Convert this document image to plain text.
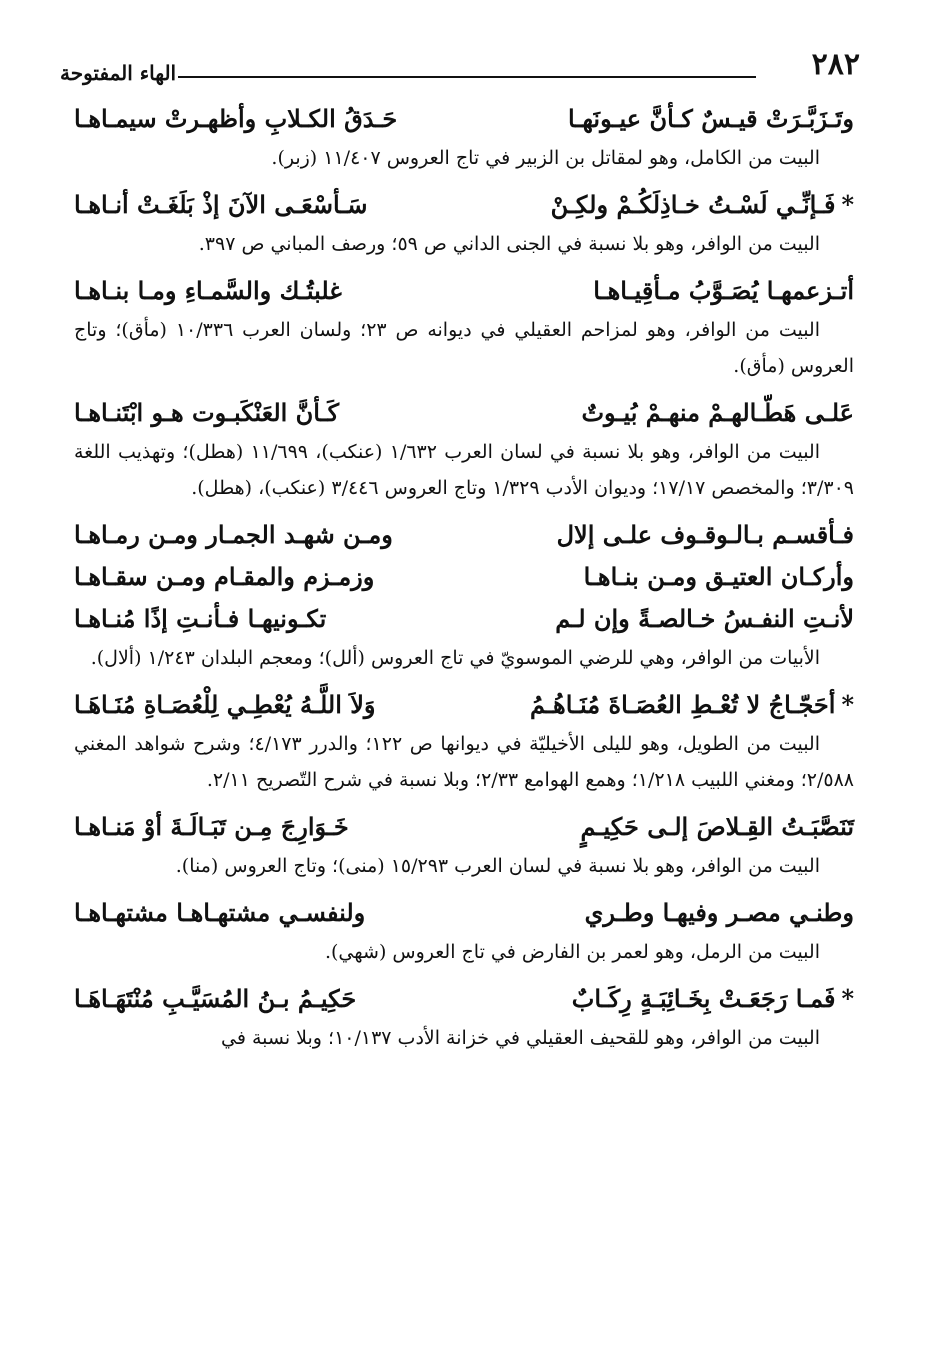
٢٨٢
الهاء المفتوحة
وتَـزَبَّـرَتْ قيـسٌ كـأنَّ عيـونَهـا
حَـدَقُ الكـلابِ وأظهـرتْ سيمـاهـا

البيت من الكامل، وهو لمقاتل بن الزبير في تاج العروس ١١/٤٠٧ (زبر).

*فَـإنِّـي لَسْـتُ خـاذِلَكُـمْ ولكِـنْ
سَـأسْعَـى الآنَ إذْ بَلَغَـتْ أنـاهـا

البيت من الوافر، وهو بلا نسبة في الجنى الداني ص ٥٩؛ ورصف المباني ص ٣٩٧.

أتـزعمهـا يُصَـوَّبُ مـأقِيـاهـا
غلبتُـك والسَّمـاءِ ومـا بنـاهـا

البيت من الوافر، وهو لمزاحم العقيلي في ديوانه ص ٢٣؛ ولسان العرب ١٠/٣٣٦ (مأق)؛ وتاج العروس (مأق).

عَلـى هَطّـالهـمْ منهـمْ بُيـوتٌ
كَـأنَّ العَنْكَبـوت هـو ابْتَنـاهـا

البيت من الوافر، وهو بلا نسبة في لسان العرب ١/٦٣٢ (عنكب)، ١١/٦٩٩ (هطل)؛ وتهذيب اللغة ٣/٣٠٩؛ والمخصص ١٧/١٧؛ وديوان الأدب ١/٣٢٩ وتاج العروس ٣/٤٤٦ (عنكب)، (هطل).

فـأقسـم بـالـوقـوف علـى إلال
ومـن شهـد الجمـار ومـن رمـاهـا
وأركـان العتيـق ومـن بنـاهـا
وزمـزم والمقـام ومـن سقـاهـا
لأنـتِ النفـسُ خـالصـةً وإن لـم
تكـونيهـا فـأنـتِ إذًا مُنـاهـا

الأبيات من الوافر، وهي للرضي الموسويّ في تاج العروس (ألل)؛ ومعجم البلدان ١/٢٤٣ (ألال).

*أحَجّـاجُ لا تُعْـطِ العُصَـاةَ مُنَـاهُـمُ
وَلاَ اللَّـهُ يُعْطِـي لِلْعُصَـاةِ مُنَـاهَـا

البيت من الطويل، وهو لليلى الأخيليّة في ديوانها ص ١٢٢؛ والدرر ٤/١٧٣؛ وشرح شواهد المغني ٢/٥٨٨؛ ومغني اللبيب ١/٢١٨؛ وهمع الهوامع ٢/٣٣؛ وبلا نسبة في شرح التّصريح ٢/١١.

تَنَصَّبَـتُ القِـلاصَ إلـى حَكِيـمٍ
خَـوَارِجَ مِـن تَبَـالَـةَ أوْ مَنـاهـا

البيت من الوافر، وهو بلا نسبة في لسان العرب ١٥/٢٩٣ (منى)؛ وتاج العروس (منا).

وطنـي مصـر وفيهـا وطـري
ولنفسـي مشتهـاهـا مشتهـاهـا

البيت من الرمل، وهو لعمر بن الفارض في تاج العروس (شهي).

*فَمـا رَجَعَـتْ بِخَـائِبَـةٍ رِكَـابٌ
حَكِيـمُ بـنُ المُسَيَّـبِ مُنْتَهَـاهَـا

البيت من الوافر، وهو للقحيف العقيلي في خزانة الأدب ١٠/١٣٧؛ وبلا نسبة في
